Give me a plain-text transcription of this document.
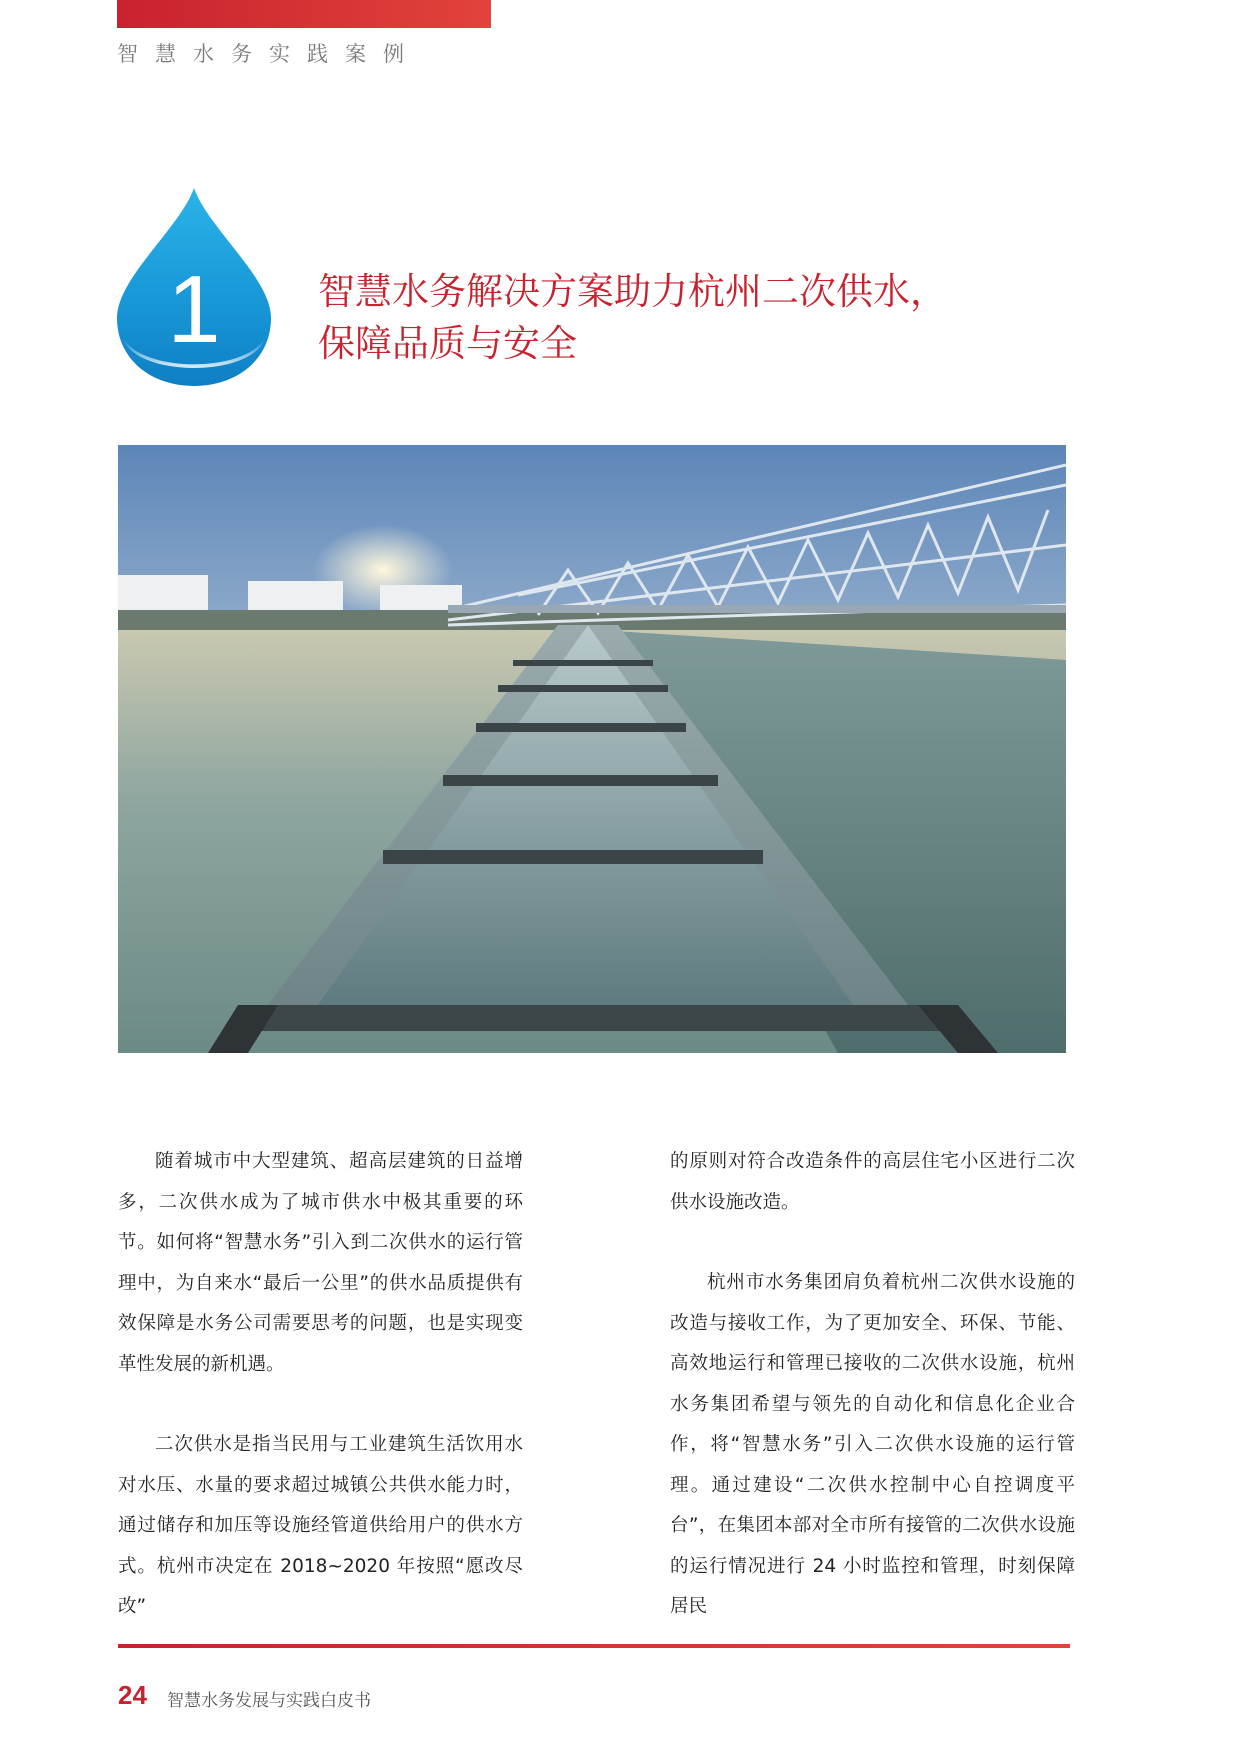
智慧水务实践案例
1	智慧水务解决方案助力杭州二次供水，
保障品质与安全

随着城市中大型建筑、超高层建筑的日益增多，二次供水成为了城市供水中极其重要的环节。如何将“智慧水务”引入到二次供水的运行管理中，为自来水“最后一公里”的供水品质提供有效保障是水务公司需要思考的问题，也是实现变革性发展的新机遇。

二次供水是指当民用与工业建筑生活饮用水对水压、水量的要求超过城镇公共供水能力时，通过储存和加压等设施经管道供给用户的供水方式。杭州市决定在 2018~2020 年按照“愿改尽改”

的原则对符合改造条件的高层住宅小区进行二次供水设施改造。

杭州市水务集团肩负着杭州二次供水设施的改造与接收工作，为了更加安全、环保、节能、高效地运行和管理已接收的二次供水设施，杭州水务集团希望与领先的自动化和信息化企业合作，将“智慧水务”引入二次供水设施的运行管理。通过建设“二次供水控制中心自控调度平台”，在集团本部对全市所有接管的二次供水设施的运行情况进行 24 小时监控和管理，时刻保障居民

24 智慧水务发展与实践白皮书
